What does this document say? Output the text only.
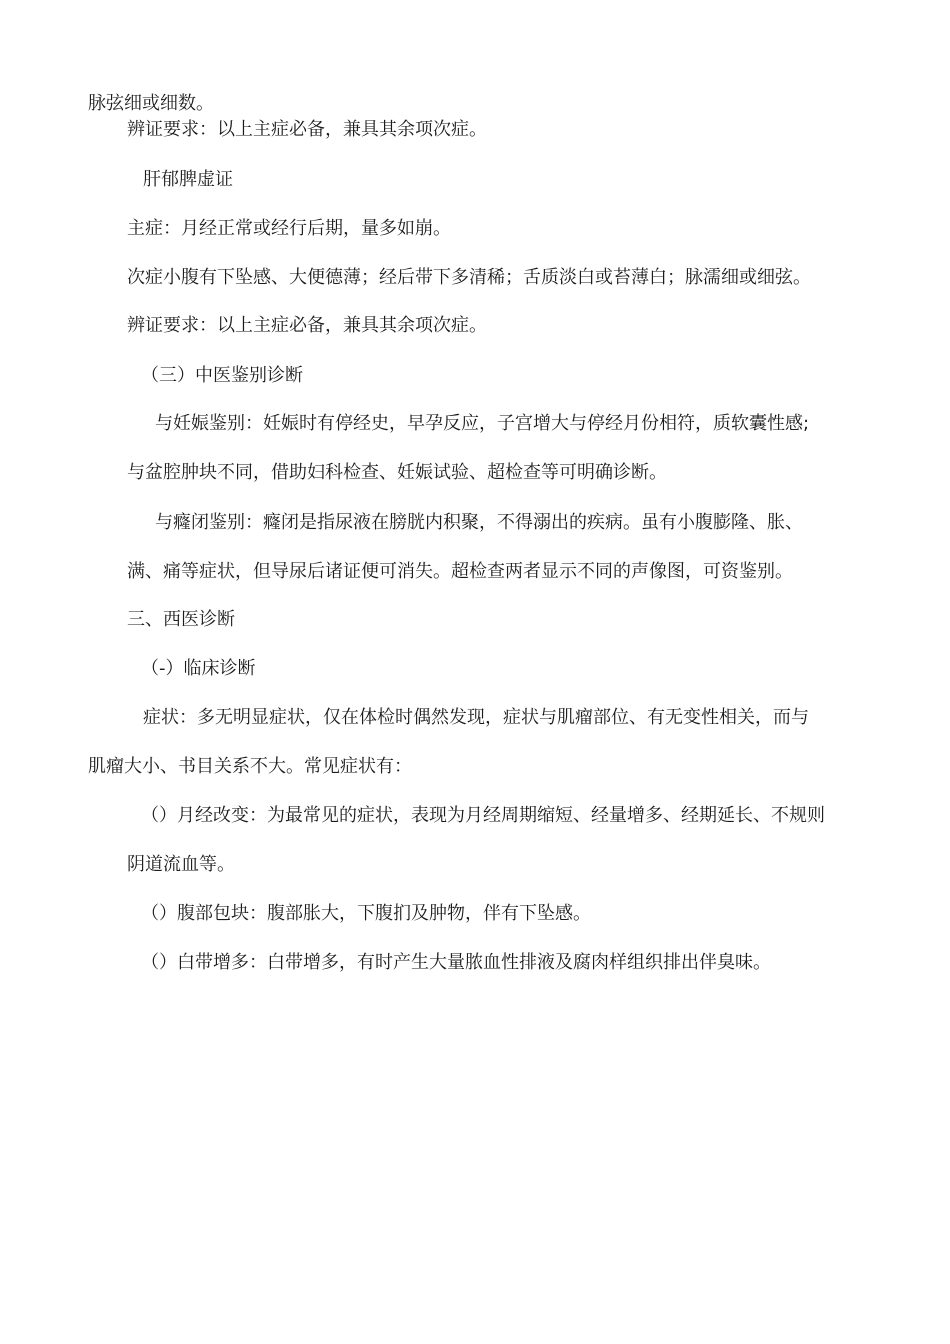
脉弦细或细数。

辨证要求：以上主症必备，兼具其余项次症。

肝郁脾虚证

主症：月经正常或经行后期，量多如崩。

次症小腹有下坠感、大便德薄；经后带下多清稀；舌质淡白或苔薄白；脉濡细或细弦。

辨证要求：以上主症必备，兼具其余项次症。

（三）中医鉴别诊断

与妊娠鉴别：妊娠时有停经史，早孕反应，子宫增大与停经月份相符，质软囊性感;

与盆腔肿块不同，借助妇科检查、妊娠试验、超检查等可明确诊断。

与癃闭鉴别：癃闭是指尿液在膀胱内积聚，不得溺出的疾病。虽有小腹膨隆、胀、

满、痛等症状，但导尿后诸证便可消失。超检查两者显示不同的声像图，可资鉴别。

三、西医诊断

（-）临床诊断

症状：多无明显症状，仅在体检时偶然发现，症状与肌瘤部位、有无变性相关，而与

肌瘤大小、书目关系不大。常见症状有：

（）月经改变：为最常见的症状，表现为月经周期缩短、经量增多、经期延长、不规则

阴道流血等。

（）腹部包块：腹部胀大，下腹扪及肿物，伴有下坠感。

（）白带增多：白带增多，有时产生大量脓血性排液及腐肉样组织排出伴臭味。
